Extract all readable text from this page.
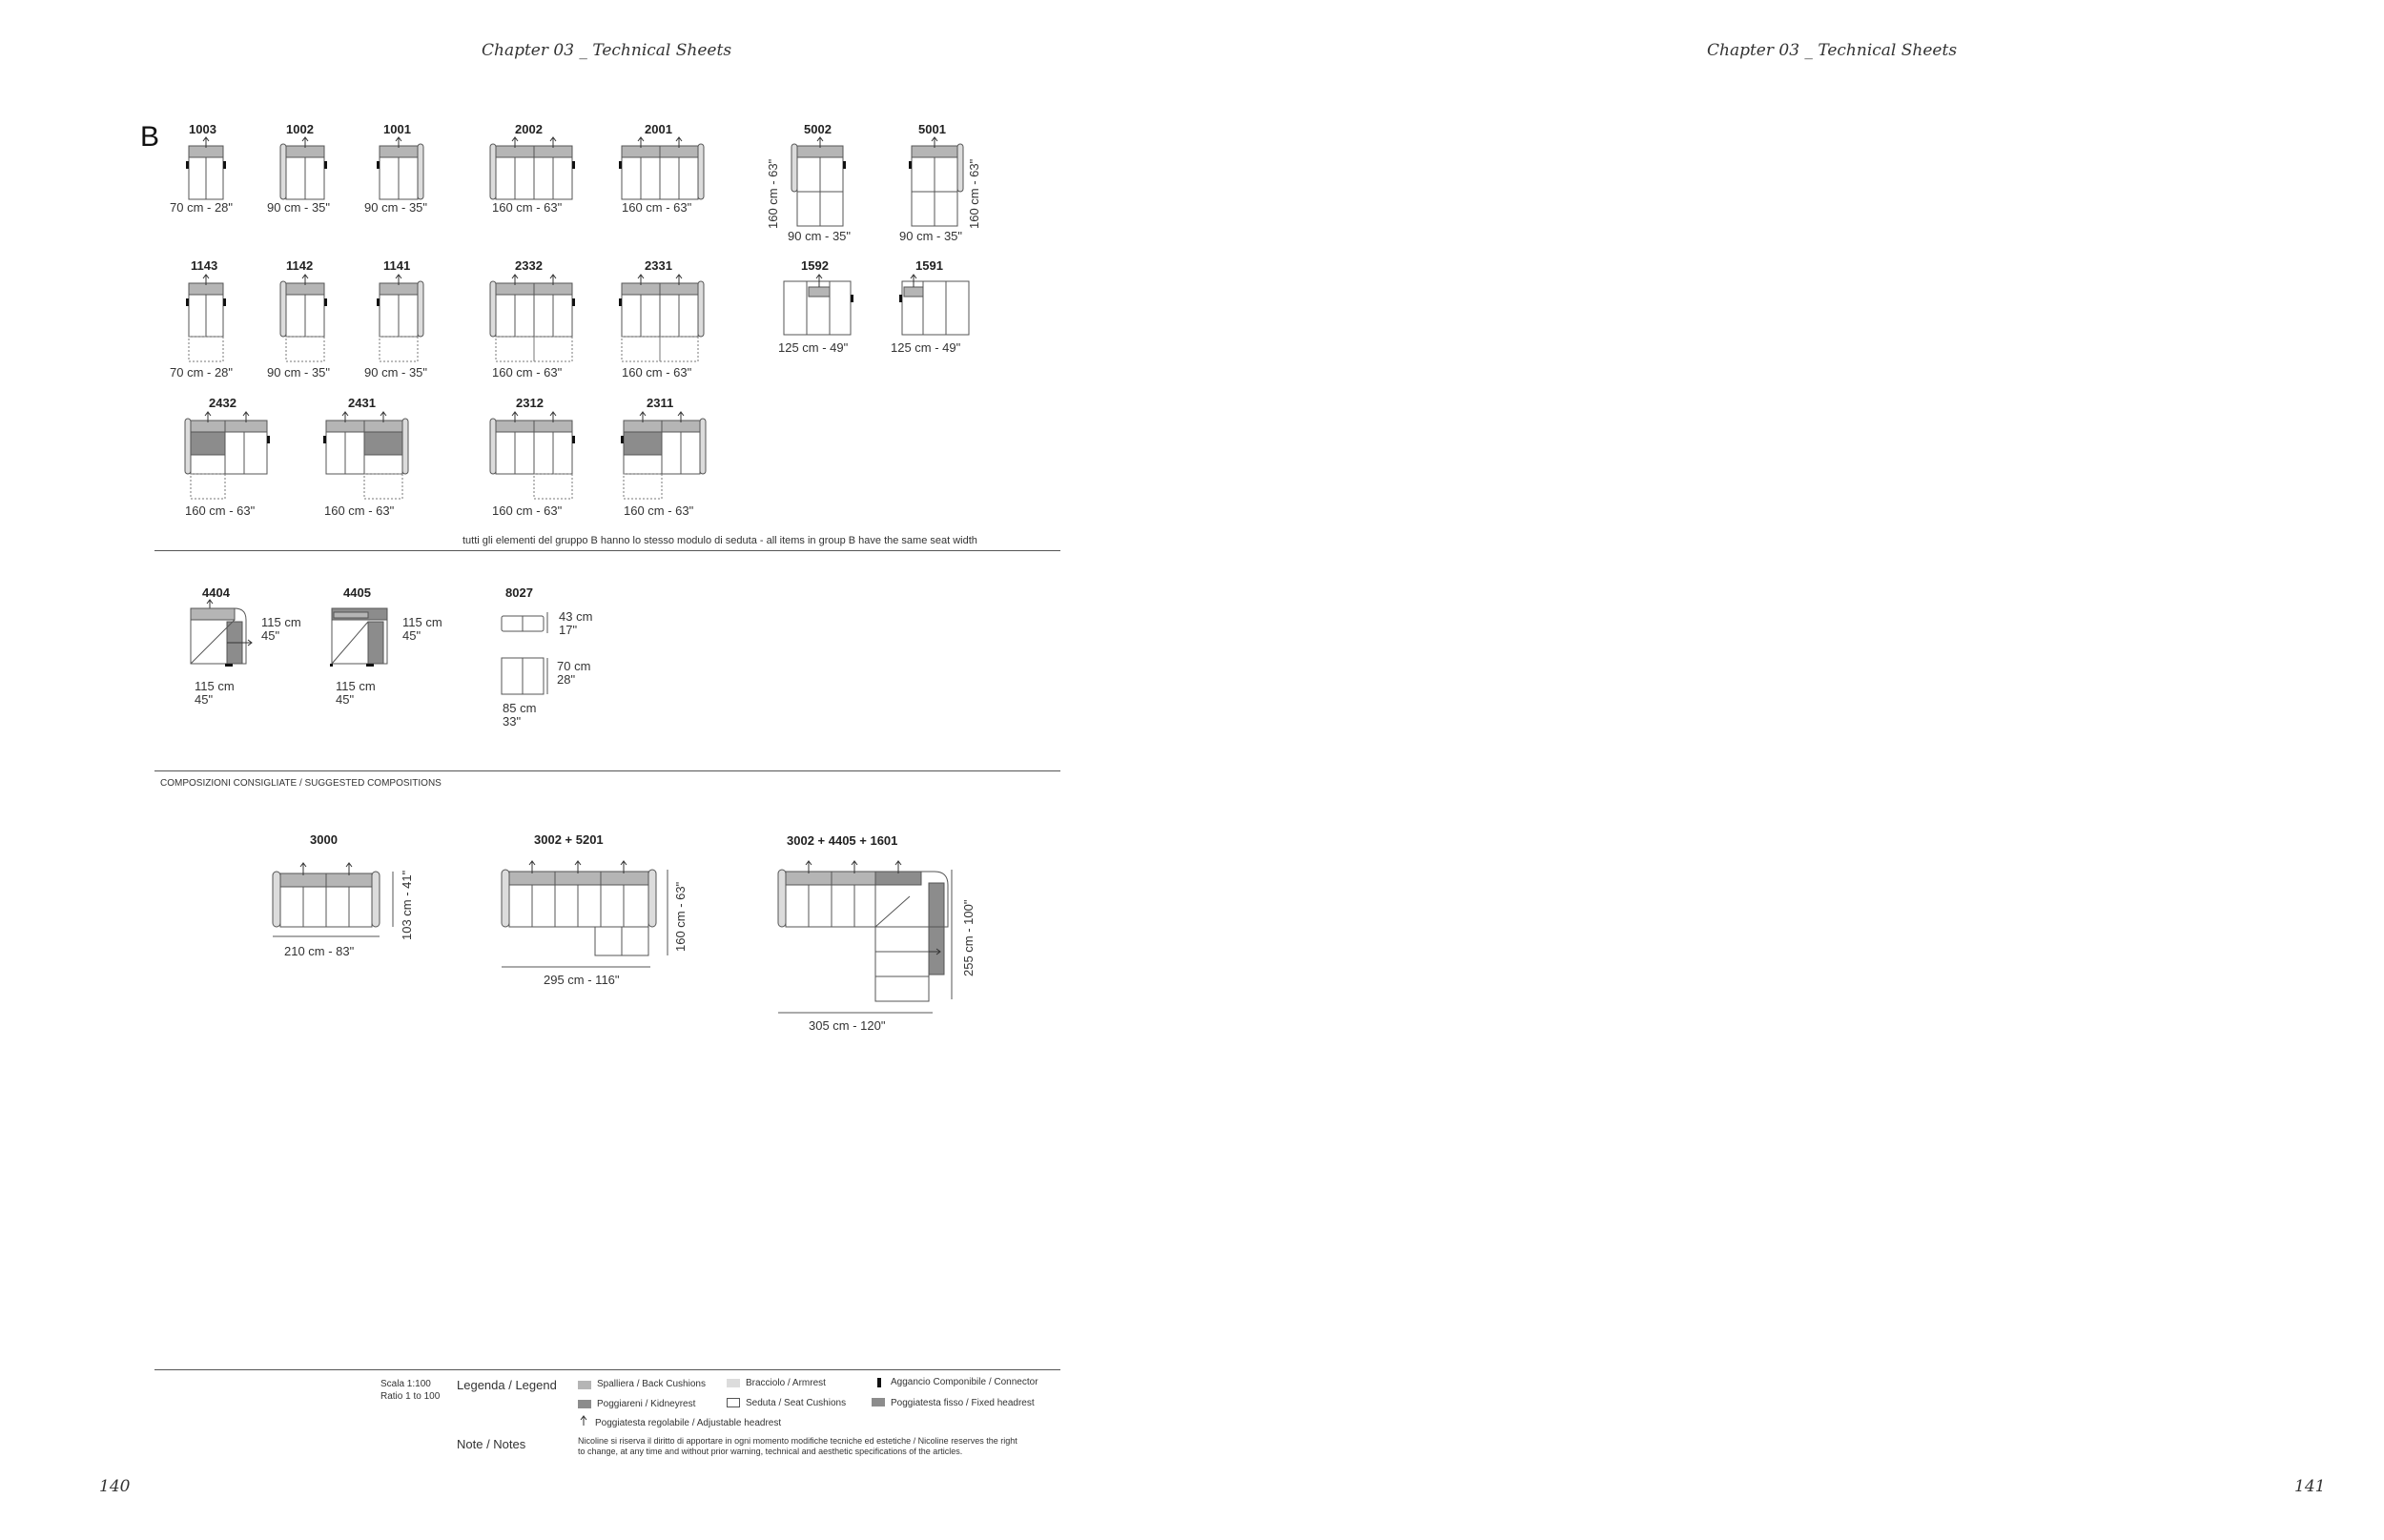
Chapter 03 _ Technical Sheets	Chapter 03 _ Technical Sheets
B 1003
70 cm - 28"
1002
90 cm - 35"
1001
90 cm - 35"
2002
160 cm - 63"
2001
160 cm - 63"
5002
160 cm - 63"
90 cm - 35"
5001
160 cm - 63"
90 cm - 35"
1143
70 cm - 28"
1142
90 cm - 35"
1141
90 cm - 35"
2332
160 cm - 63"
2331
160 cm - 63"
1592
125 cm - 49"
1591
125 cm - 49"
2432
160 cm - 63"
2431
160 cm - 63"
2312
160 cm - 63"
2311
160 cm - 63"
tutti gli elementi del gruppo B hanno lo stesso modulo di seduta - all items in group B have the same seat width
4404
115 cm
45"
115 cm
45"
4405
115 cm
45"
115 cm
45"
8027
43 cm
17"
70 cm
28"
85 cm
33"
COMPOSIZIONI CONSIGLIATE / SUGGESTED COMPOSITIONS
3000
210 cm - 83"
103 cm - 41"
3002 + 5201
295 cm - 116"
160 cm - 63"
3002 + 4405 + 1601
305 cm - 120"
255 cm - 100"
Scala 1:100
Ratio 1 to 100
Legenda / Legend	Spalliera / Back Cushions	Bracciolo / Armrest	Aggancio Componibile / Connector
Poggiareni / Kidneyrest	Seduta / Seat Cushions	Poggiatesta fisso / Fixed headrest
Poggiatesta regolabile / Adjustable headrest
Note / Notes	Nicoline si riserva il diritto di apportare in ogni momento modifiche tecniche ed estetiche / Nicoline reserves the right
to change, at any time and without prior warning, technical and aesthetic specifications of the articles.
140	141
